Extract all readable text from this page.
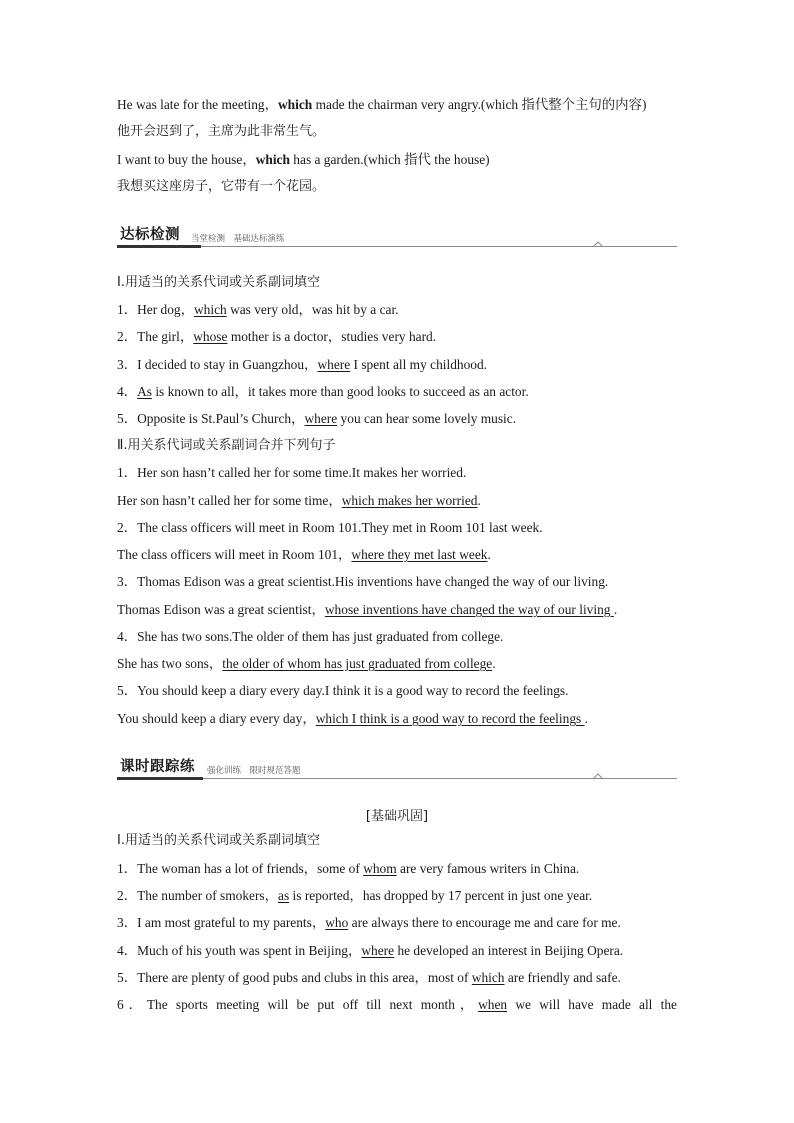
He was late for the meeting，which made the chairman very angry.(which 指代整个主句的内容)
他开会迟到了，主席为此非常生气。
I want to buy the house，which has a garden.(which 指代 the house)
我想买这座房子，它带有一个花园。
达标检测 当堂检测　基础达标演练
Ⅰ.用适当的关系代词或关系副词填空
1．Her dog，which was very old，was hit by a car.
2．The girl，whose mother is a doctor，studies very hard.
3．I decided to stay in Guangzhou，where I spent all my childhood.
4．As is known to all，it takes more than good looks to succeed as an actor.
5．Opposite is St.Paul’s Church，where you can hear some lovely music.
Ⅱ.用关系代词或关系副词合并下列句子
1．Her son hasn’t called her for some time.It makes her worried.
Her son hasn’t called her for some time，which makes her worried.
2．The class officers will meet in Room 101.They met in Room 101 last week.
The class officers will meet in Room 101，where they met last week.
3．Thomas Edison was a great scientist.His inventions have changed the way of our living.
Thomas Edison was a great scientist，whose inventions have changed the way of our living .
4．She has two sons.The older of them has just graduated from college.
She has two sons，the older of whom has just graduated from college.
5．You should keep a diary every day.I think it is a good way to record the feelings.
You should keep a diary every day，which I think is a good way to record the feelings .
课时跟踪练 强化训练　限时规范答题
[基础巩固]
Ⅰ.用适当的关系代词或关系副词填空
1．The woman has a lot of friends，some of whom are very famous writers in China.
2．The number of smokers，as is reported，has dropped by 17 percent in just one year.
3．I am most grateful to my parents，who are always there to encourage me and care for me.
4．Much of his youth was spent in Beijing，where he developed an interest in Beijing Opera.
5．There are plenty of good pubs and clubs in this area，most of which are friendly and safe.
6．The sports meeting will be put off till next month，when we will have made all the
